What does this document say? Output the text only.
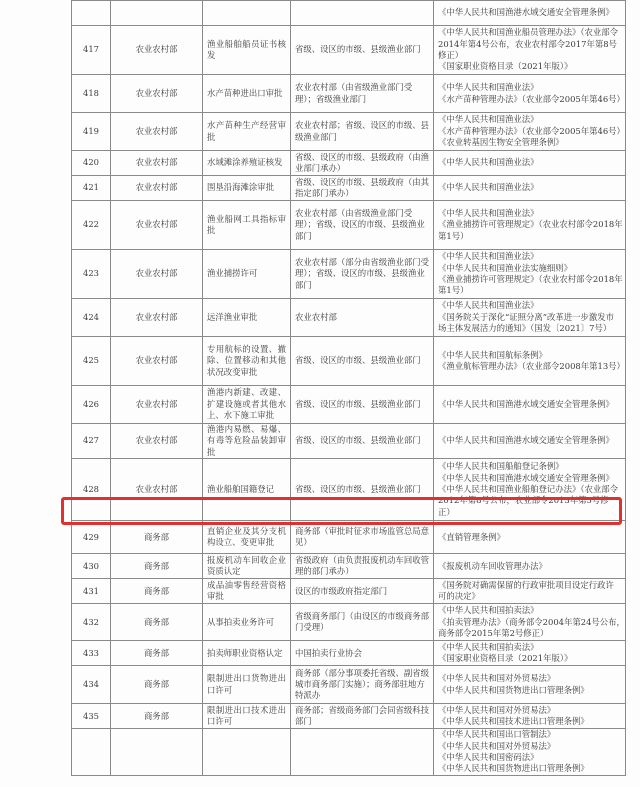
				《中华人民共和国渔港水域交通安全管理条例》

417	农业农村部	渔业船舶船员证书核发	省级、设区的市级、县级渔业部门	《中华人民共和国渔业船员管理办法》（农业部令
2014年第4号公布，农业农村部令2017年第8号
修正）
《国家职业资格目录（2021年版）》

418	农业农村部	水产苗种进出口审批	农业农村部（由省级渔业部门受理）；省级渔业部门	《中华人民共和国渔业法》
《水产苗种管理办法》（农业部令2005年第46号）

419	农业农村部	水产苗种生产经营审批	农业农村部；省级、设区的市级、县级渔业部门	《中华人民共和国渔业法》
《水产苗种管理办法》（农业部令2005年第46号）
《农业转基因生物安全管理条例》

420	农业农村部	水域滩涂养殖证核发	省级、设区的市级、县级政府（由渔业部门承办）	《中华人民共和国渔业法》

421	农业农村部	围垦沿海滩涂审批	省级、设区的市级、县级政府（由其指定部门承办）	《中华人民共和国渔业法》

422	农业农村部	渔业船网工具指标审批	农业农村部（由省级渔业部门受理）；省级、设区的市级、县级渔业部门	《中华人民共和国渔业法》
《渔业捕捞许可管理规定》（农业农村部令2018年
第1号）

423	农业农村部	渔业捕捞许可	农业农村部（部分由省级渔业部门受理）；省级、设区的市级、县级渔业部门	《中华人民共和国渔业法》
《中华人民共和国渔业法实施细则》
《渔业捕捞许可管理规定》（农业农村部令2018年
第1号）

424	农业农村部	远洋渔业审批	农业农村部	《中华人民共和国渔业法》
《国务院关于深化“证照分离”改革进一步激发市
场主体发展活力的通知》（国发〔2021〕7号）

425	农业农村部	专用航标的设置、撤除、位置移动和其他状况改变审批	省级、设区的市级、县级渔业部门	《中华人民共和国航标条例》
《渔业航标管理办法》（农业部令2008年第13号）

426	农业农村部	渔港内新建、改建、扩建设施或者其他水上、水下施工审批	省级、设区的市级、县级渔业部门	《中华人民共和国渔港水域交通安全管理条例》

427	农业农村部	渔港内易燃、易爆、有毒等危险品装卸审批	省级、设区的市级、县级渔业部门	《中华人民共和国渔港水域交通安全管理条例》

428	农业农村部	渔业船舶国籍登记	省级、设区的市级、县级渔业部门	《中华人民共和国船舶登记条例》
《中华人民共和国渔港水域交通安全管理条例》
《中华人民共和国渔业船舶登记办法》（农业部令
2012年第8号公布，农业部令2013年第5号修
正）

429	商务部	直销企业及其分支机构设立、变更审批	商务部（审批时征求市场监管总局意见）	《直销管理条例》

430	商务部	报废机动车回收企业资质认定	省级政府（由负责报废机动车回收管理的部门承办）	《报废机动车回收管理办法》

431	商务部	成品油零售经营资格审批	设区的市级政府指定部门	《国务院对确需保留的行政审批项目设定行政许
可的决定》

432	商务部	从事拍卖业务许可	省级商务部门（由设区的市级商务部门受理）	《中华人民共和国拍卖法》
《拍卖管理办法》（商务部令2004年第24号公布，
商务部令2015年第2号修正）

433	商务部	拍卖师职业资格认定	中国拍卖行业协会	《中华人民共和国拍卖法》
《国家职业资格目录（2021年版）》

434	商务部	限制进出口货物进出口许可	商务部（部分事项委托省级、副省级城市商务部门实施）；商务部驻地方特派办	《中华人民共和国对外贸易法》
《中华人民共和国货物进出口管理条例》

435	商务部	限制进出口技术进出口许可	商务部；省级商务部门会同省级科技部门	《中华人民共和国对外贸易法》
《中华人民共和国技术进出口管理条例》

				《中华人民共和国出口管制法》
《中华人民共和国对外贸易法》
《中华人民共和国密码法》
《中华人民共和国货物进出口管理条例》
